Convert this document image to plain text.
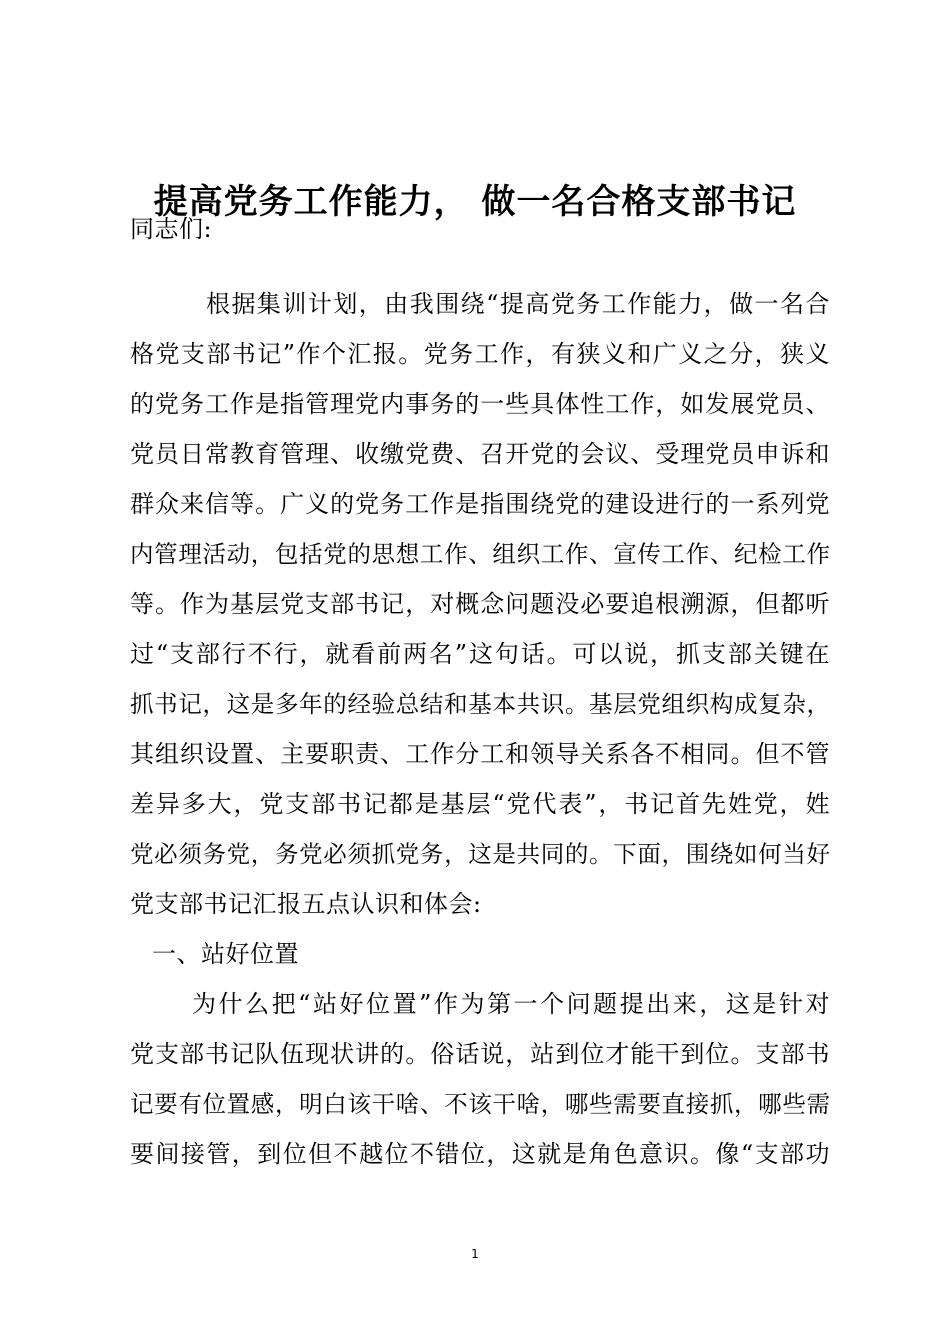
提高党务工作能力， 做一名合格支部书记
同志们:
根据集训计划，由我围绕“提高党务工作能力，做一名合
格党支部书记”作个汇报。党务工作，有狭义和广义之分，狭义
的党务工作是指管理党内事务的一些具体性工作，如发展党员、
党员日常教育管理、收缴党费、召开党的会议、受理党员申诉和
群众来信等。广义的党务工作是指围绕党的建设进行的一系列党
内管理活动，包括党的思想工作、组织工作、宣传工作、纪检工作
等。作为基层党支部书记，对概念问题没必要追根溯源，但都听
过“支部行不行，就看前两名”这句话。可以说，抓支部关键在
抓书记，这是多年的经验总结和基本共识。基层党组织构成复杂，
其组织设置、主要职责、工作分工和领导关系各不相同。但不管
差异多大，党支部书记都是基层“党代表”，书记首先姓党，姓
党必须务党，务党必须抓党务，这是共同的。下面，围绕如何当好
党支部书记汇报五点认识和体会:
一、站好位置
为什么把“站好位置”作为第一个问题提出来，这是针对
党支部书记队伍现状讲的。俗话说，站到位才能干到位。支部书
记要有位置感，明白该干啥、不该干啥，哪些需要直接抓，哪些需
要间接管，到位但不越位不错位，这就是角色意识。像“支部功
1
